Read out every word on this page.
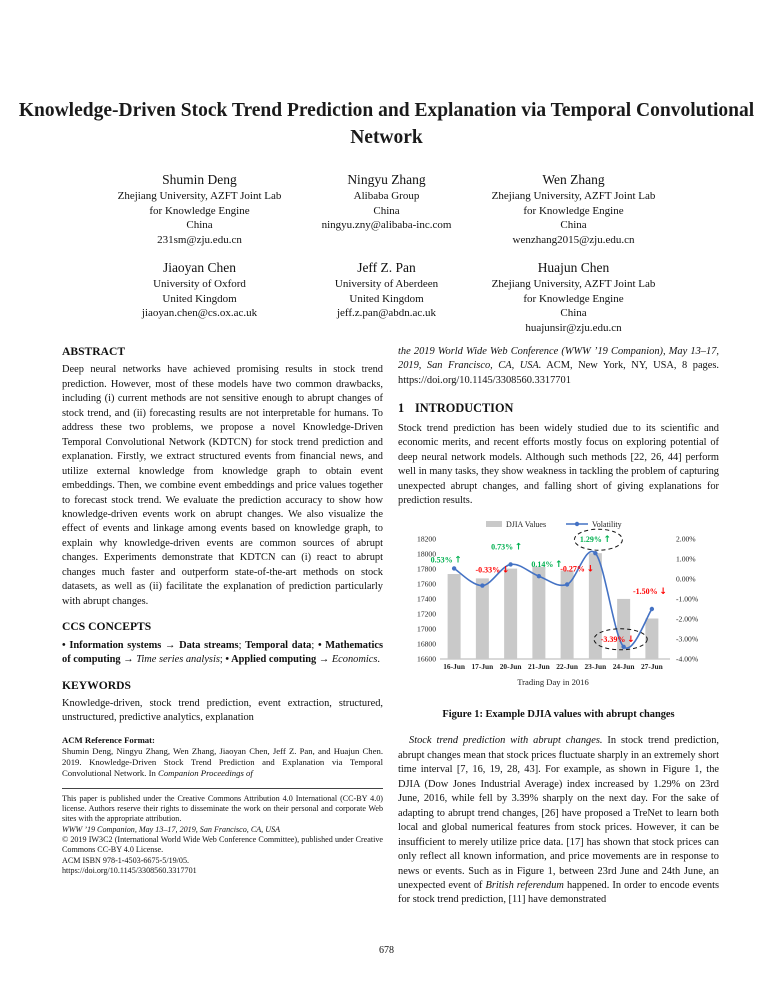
Knowledge-Driven Stock Trend Prediction and Explanation via Temporal Convolutional Network
Shumin Deng
Zhejiang University, AZFT Joint Lab
for Knowledge Engine
China
231sm@zju.edu.cn
Ningyu Zhang
Alibaba Group
China
ningyu.zny@alibaba-inc.com
Wen Zhang
Zhejiang University, AZFT Joint Lab
for Knowledge Engine
China
wenzhang2015@zju.edu.cn
Jiaoyan Chen
University of Oxford
United Kingdom
jiaoyan.chen@cs.ox.ac.uk
Jeff Z. Pan
University of Aberdeen
United Kingdom
jeff.z.pan@abdn.ac.uk
Huajun Chen
Zhejiang University, AZFT Joint Lab
for Knowledge Engine
China
huajunsir@zju.edu.cn
ABSTRACT

Deep neural networks have achieved promising results in stock trend prediction. However, most of these models have two common drawbacks, including (i) current methods are not sensitive enough to abrupt changes of stock trend, and (ii) forecasting results are not interpretable for humans. To address these two problems, we propose a novel Knowledge-Driven Temporal Convolutional Network (KDTCN) for stock trend prediction and explanation. Firstly, we extract structured events from financial news, and utilize external knowledge from knowledge graph to obtain event embeddings. Then, we combine event embeddings and price values together to forecast stock trend. We evaluate the prediction accuracy to show how knowledge-driven events work on abrupt changes. We also visualize the effect of events and linkage among events based on knowledge graph, to explain why knowledge-driven events are common sources of abrupt changes. Experiments demonstrate that KDTCN can (i) react to abrupt changes much faster and outperform state-of-the-art methods on stock datasets, as well as (ii) facilitate the explanation of prediction particularly with abrupt changes.

CCS CONCEPTS

• Information systems → Data streams; Temporal data; • Mathematics of computing → Time series analysis; • Applied computing → Economics.

KEYWORDS

Knowledge-driven, stock trend prediction, event extraction, structured, unstructured, predictive analytics, explanation

ACM Reference Format:

Shumin Deng, Ningyu Zhang, Wen Zhang, Jiaoyan Chen, Jeff Z. Pan, and Huajun Chen. 2019. Knowledge-Driven Stock Trend Prediction and Explanation via Temporal Convolutional Network. In Companion Proceedings of

This paper is published under the Creative Commons Attribution 4.0 International (CC-BY 4.0) license. Authors reserve their rights to disseminate the work on their personal and corporate Web sites with the appropriate attribution.

WWW ’19 Companion, May 13–17, 2019, San Francisco, CA, USA

© 2019 IW3C2 (International World Wide Web Conference Committee), published under Creative Commons CC-BY 4.0 License.

ACM ISBN 978-1-4503-6675-5/19/05.
https://doi.org/10.1145/3308560.3317701

the 2019 World Wide Web Conference (WWW ’19 Companion), May 13–17, 2019, San Francisco, CA, USA. ACM, New York, NY, USA, 8 pages. https://doi.org/10.1145/3308560.3317701

1 INTRODUCTION

Stock trend prediction has been widely studied due to its scientific and economic merits, and recent efforts mostly focus on exploring potential of deep neural network models. Although such methods [22, 26, 44] perform well in many tasks, they show weakness in tackling the problem of capturing unexpected abrupt changes, and falling short of giving explanations for prediction results.

16600
16800
17000
17200
17400
17600
17800
18000
18200	2.00%
1.00%
0.00%
-1.00%
-2.00%
-3.00%
-4.00%
16-Jun 17-Jun 20-Jun 21-Jun 22-Jun 23-Jun 24-Jun 27-Jun
Trading Day in 2016
0.53% ↑
-0.33% ↓
0.73% ↑
0.14% ↑
-0.27% ↓
1.29% ↑
-3.39% ↓
-1.50% ↓
DJIA Values	Volatility
Figure 1: Example DJIA values with abrupt changes

Stock trend prediction with abrupt changes. In stock trend prediction, abrupt changes mean that stock prices fluctuate sharply in an extremely short time interval [7, 16, 19, 28, 43]. For example, as shown in Figure 1, the DJIA (Dow Jones Industrial Average) index increased by 1.29% on 23rd June, 2016, while fell by 3.39% sharply on the next day. For the sake of adapting to abrupt trend changes, [26] have proposed a TreNet to learn both local and global numerical features from stock prices. However, it can be insufficient to merely utilize price data. [17] has shown that stock prices can only reflect all known information, and price movements are in response to news or events. Such as in Figure 1, between 23rd June and 24th June, an unexpected event of British referendum happened. In order to encode events for stock trend prediction, [11] have demonstrated

678
